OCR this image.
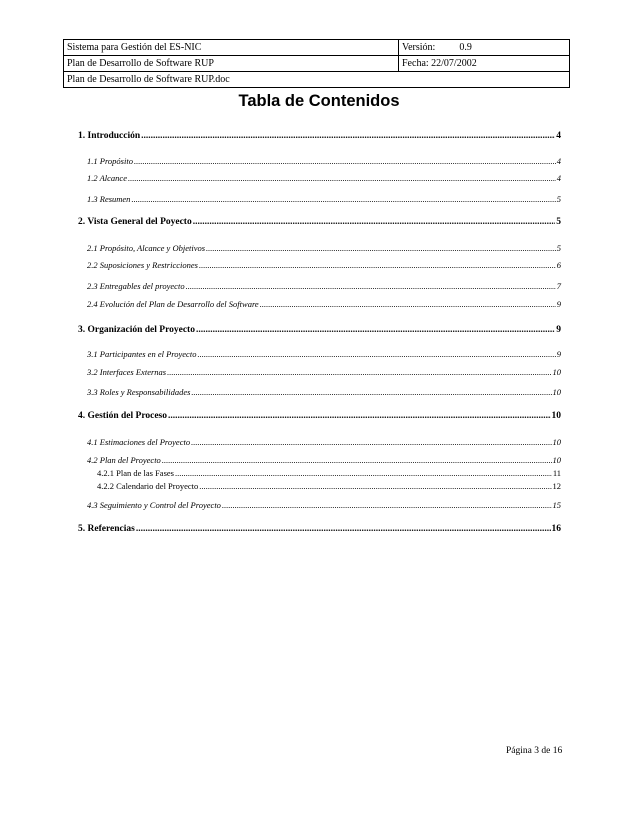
Sistema para Gestión del ES-NIC	Versión: 0.9
Plan de Desarrollo de Software RUP	Fecha: 22/07/2002
Plan de Desarrollo de Software RUP.doc	
Tabla de Contenidos
1. Introducción .....	4
1.1 Propósito .....	4
1.2 Alcance .....	4
1.3 Resumen .....	5
2. Vista General del Poyecto .....	5
2.1 Propósito, Alcance y Objetivos .....	5
2.2 Suposiciones y Restricciones .....	6
2.3 Entregables del proyecto .....	7
2.4 Evolución del Plan de Desarrollo del Software .....	9
3. Organización del Proyecto .....	9
3.1 Participantes en el Proyecto .....	9
3.2 Interfaces Externas .....	10
3.3 Roles y Responsabilidades .....	10
4. Gestión del Proceso .....	10
4.1 Estimaciones del Proyecto .....	10
4.2 Plan del Proyecto .....	10
4.2.1 Plan de las Fases .....	11
4.2.2 Calendario del Proyecto .....	12
4.3 Seguimiento y Control del Proyecto .....	15
5. Referencias .....	16
Página 3 de 16
